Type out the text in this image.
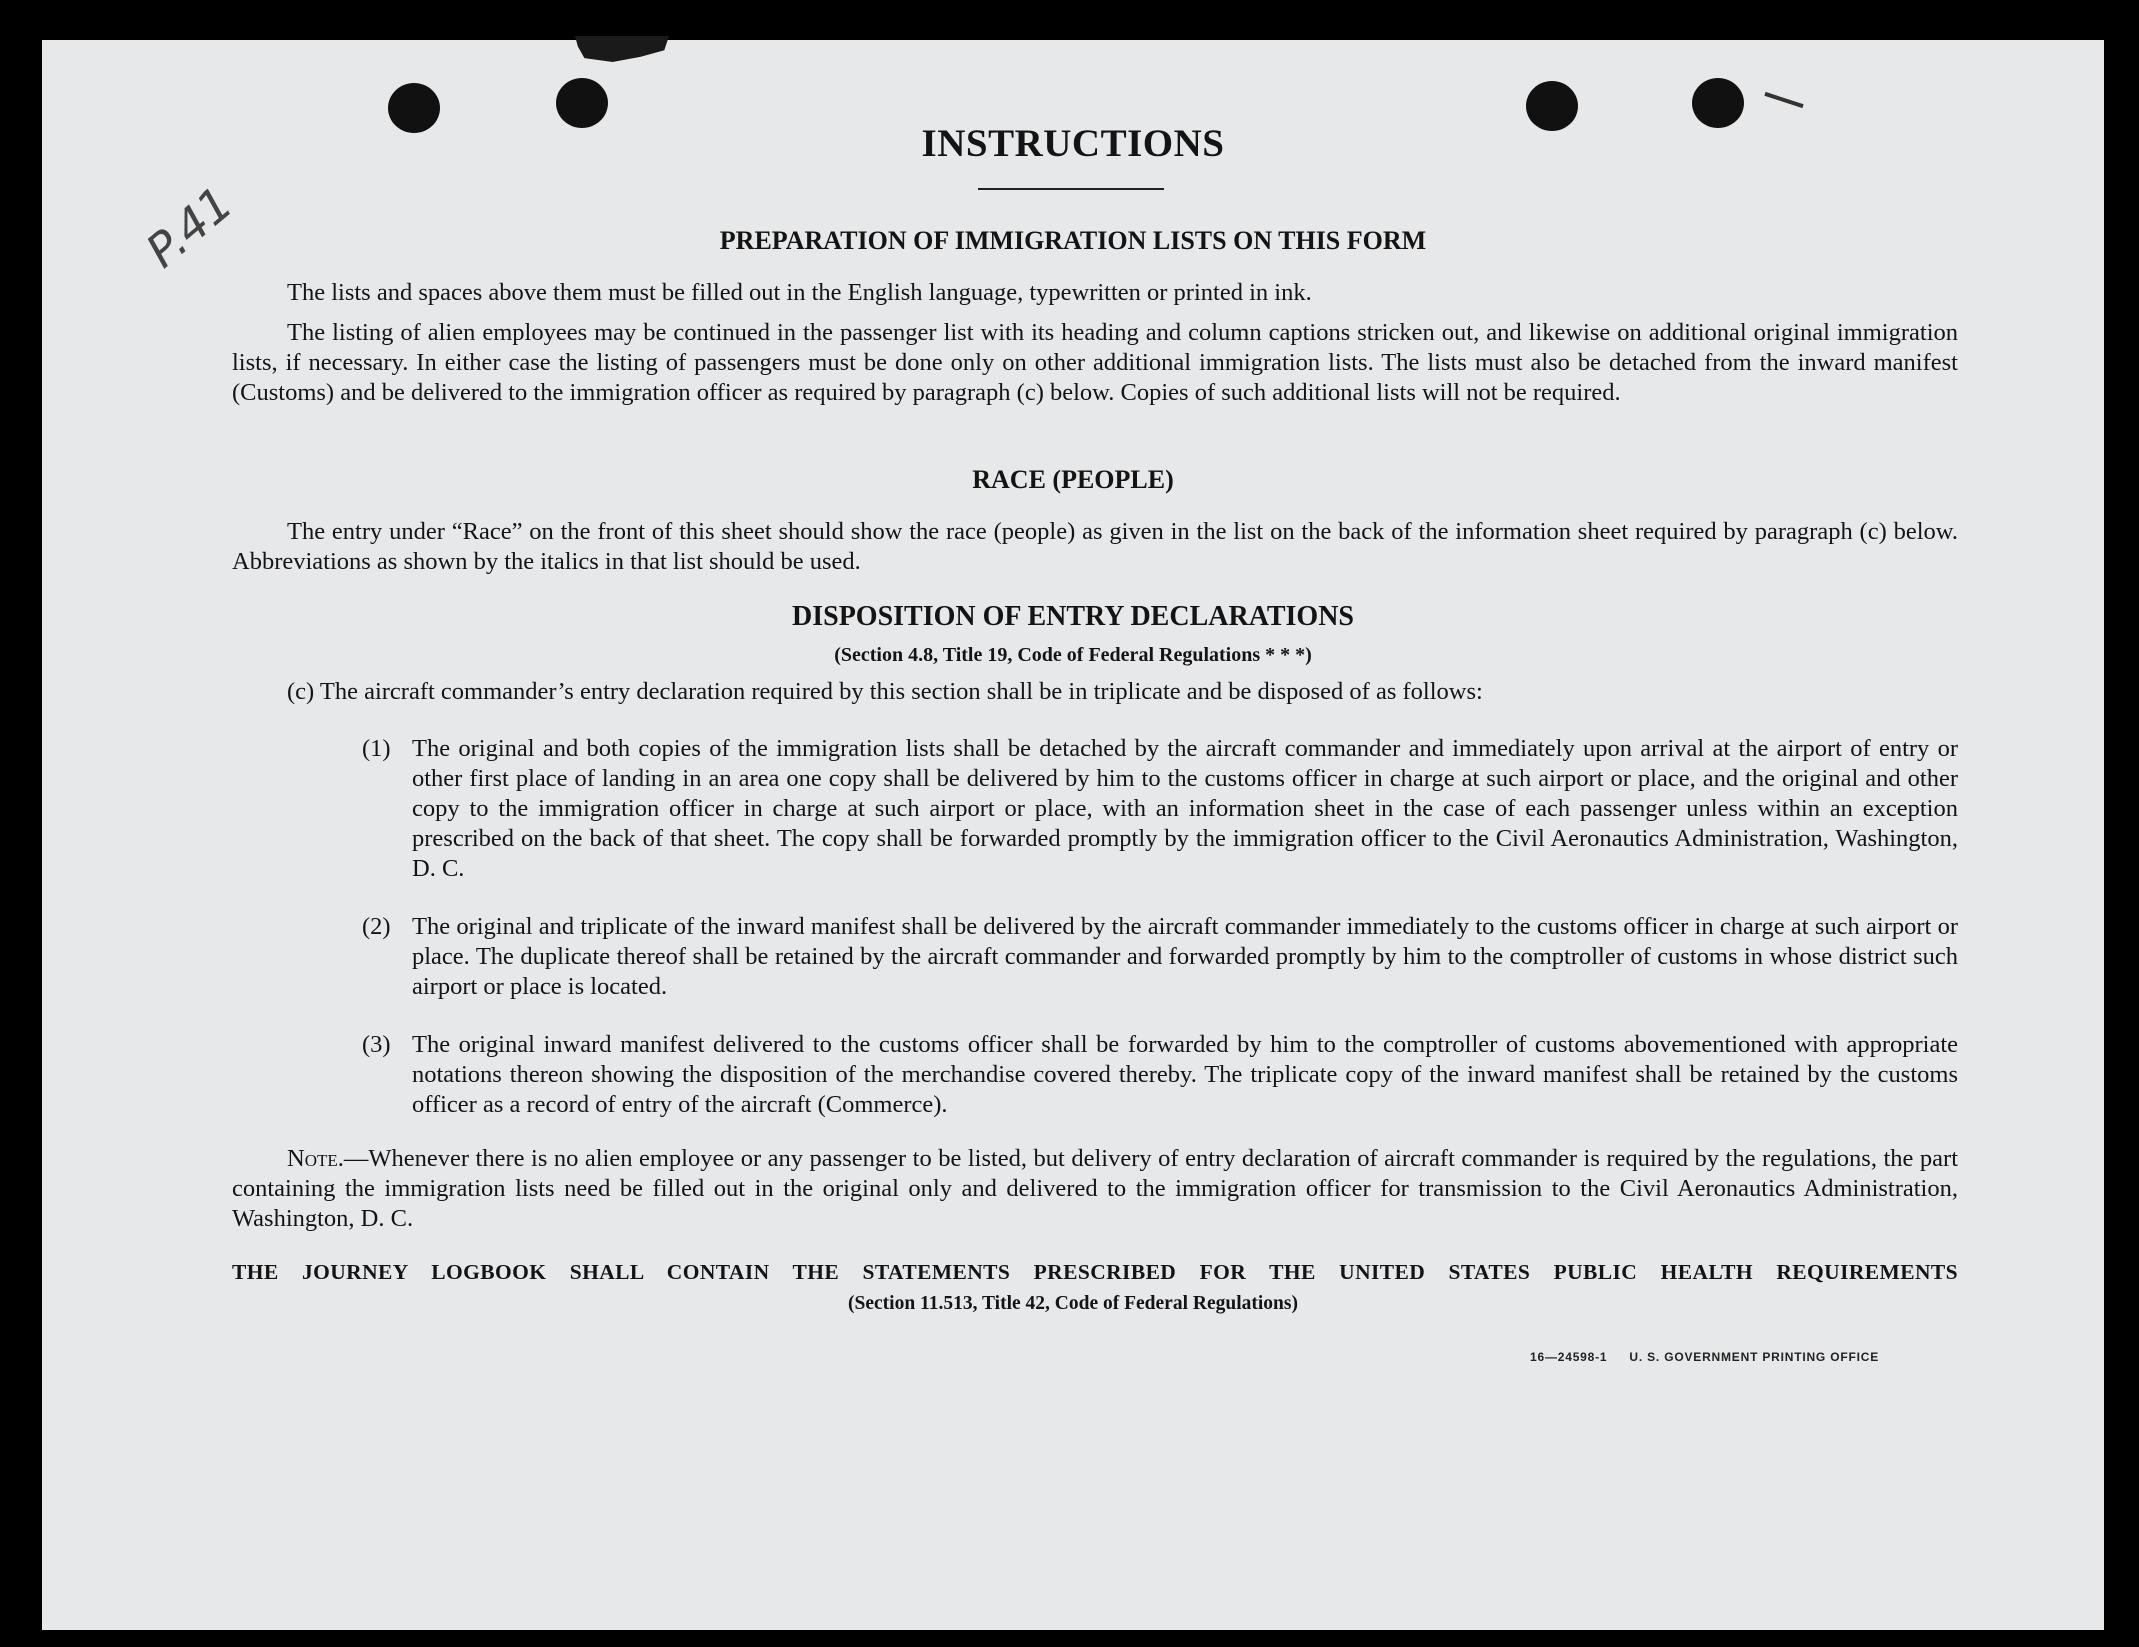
P.41
INSTRUCTIONS
PREPARATION OF IMMIGRATION LISTS ON THIS FORM
The lists and spaces above them must be filled out in the English language, typewritten or printed in ink.
The listing of alien employees may be continued in the passenger list with its heading and column captions stricken out, and likewise on additional original immigration lists, if necessary. In either case the listing of passengers must be done only on other additional immigration lists. The lists must also be detached from the inward manifest (Customs) and be delivered to the immigration officer as required by paragraph (c) below. Copies of such additional lists will not be required.
RACE (PEOPLE)
The entry under “Race” on the front of this sheet should show the race (people) as given in the list on the back of the information sheet required by paragraph (c) below. Abbreviations as shown by the italics in that list should be used.
DISPOSITION OF ENTRY DECLARATIONS
(Section 4.8, Title 19, Code of Federal Regulations * * *)
(c) The aircraft commander’s entry declaration required by this section shall be in triplicate and be disposed of as follows:
(1) The original and both copies of the immigration lists shall be detached by the aircraft commander and immediately upon arrival at the airport of entry or other first place of landing in an area one copy shall be delivered by him to the customs officer in charge at such airport or place, and the original and other copy to the immigration officer in charge at such airport or place, with an information sheet in the case of each passenger unless within an exception prescribed on the back of that sheet. The copy shall be forwarded promptly by the immigration officer to the Civil Aeronautics Administration, Washington, D. C.
(2) The original and triplicate of the inward manifest shall be delivered by the aircraft commander immediately to the customs officer in charge at such airport or place. The duplicate thereof shall be retained by the aircraft commander and forwarded promptly by him to the comptroller of customs in whose district such airport or place is located.
(3) The original inward manifest delivered to the customs officer shall be forwarded by him to the comptroller of customs abovementioned with appropriate notations thereon showing the disposition of the merchandise covered thereby. The triplicate copy of the inward manifest shall be retained by the customs officer as a record of entry of the aircraft (Commerce).
Note.—Whenever there is no alien employee or any passenger to be listed, but delivery of entry declaration of aircraft commander is required by the regulations, the part containing the immigration lists need be filled out in the original only and delivered to the immigration officer for transmission to the Civil Aeronautics Administration, Washington, D. C.
THE JOURNEY LOGBOOK SHALL CONTAIN THE STATEMENTS PRESCRIBED FOR THE UNITED STATES PUBLIC HEALTH REQUIREMENTS
(Section 11.513, Title 42, Code of Federal Regulations)
16—24598-1 U. S. GOVERNMENT PRINTING OFFICE
